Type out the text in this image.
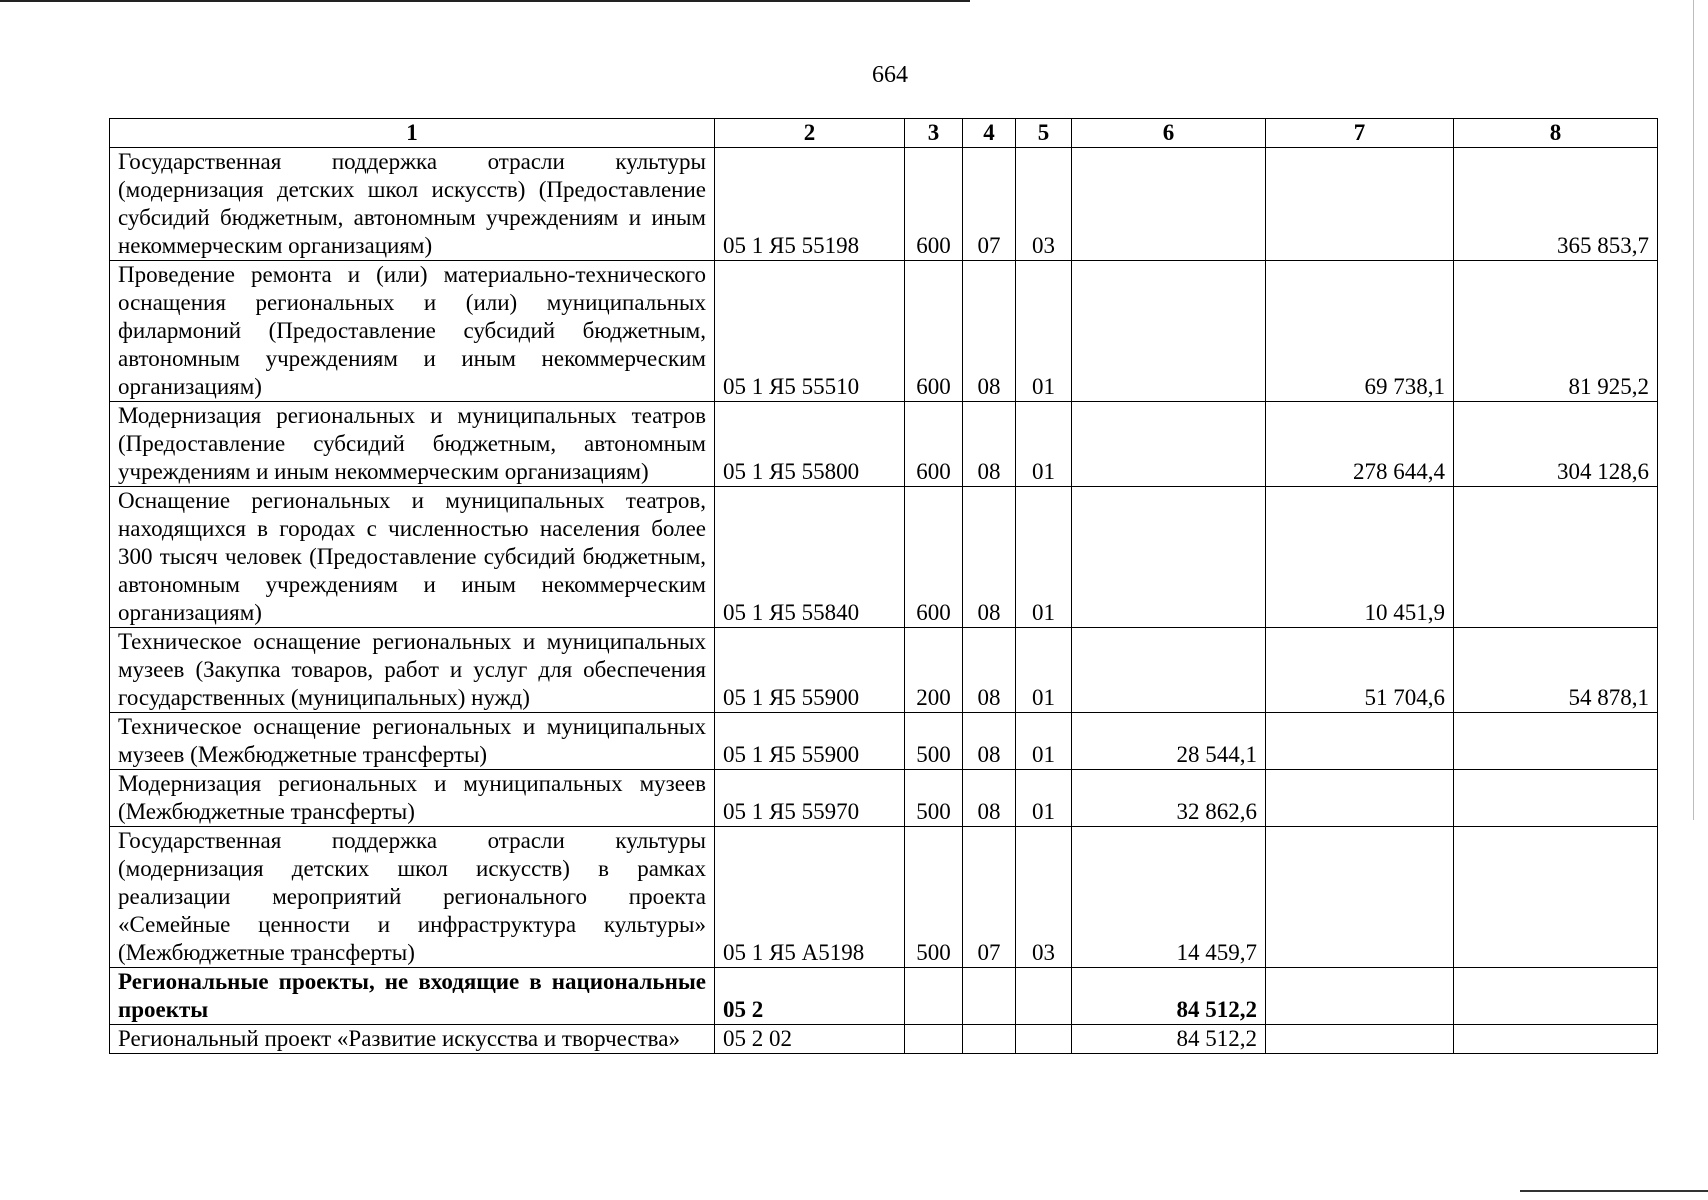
664
1	2	3	4	5	6	7	8
Государственная поддержка отрасли культуры (модернизация детских школ искусств) (Предоставление субсидий бюджетным, автономным учреждениям и иным некоммерческим организациям)	05 1 Я5 55198	600	07	03			365 853,7
Проведение ремонта и (или) материально-технического оснащения региональных и (или) муниципальных филармоний (Предоставление субсидий бюджетным, автономным учреждениям и иным некоммерческим организациям)	05 1 Я5 55510	600	08	01		69 738,1	81 925,2
Модернизация региональных и муниципальных театров (Предоставление субсидий бюджетным, автономным учреждениям и иным некоммерческим организациям)	05 1 Я5 55800	600	08	01		278 644,4	304 128,6
Оснащение региональных и муниципальных театров, находящихся в городах с численностью населения более 300 тысяч человек (Предоставление субсидий бюджетным, автономным учреждениям и иным некоммерческим организациям)	05 1 Я5 55840	600	08	01		10 451,9	
Техническое оснащение региональных и муниципальных музеев (Закупка товаров, работ и услуг для обеспечения государственных (муниципальных) нужд)	05 1 Я5 55900	200	08	01		51 704,6	54 878,1
Техническое оснащение региональных и муниципальных музеев (Межбюджетные трансферты)	05 1 Я5 55900	500	08	01	28 544,1		
Модернизация региональных и муниципальных музеев (Межбюджетные трансферты)	05 1 Я5 55970	500	08	01	32 862,6		
Государственная поддержка отрасли культуры (модернизация детских школ искусств) в рамках реализации мероприятий регионального проекта «Семейные ценности и инфраструктура культуры» (Межбюджетные трансферты)	05 1 Я5 А5198	500	07	03	14 459,7		
Региональные проекты, не входящие в национальные проекты	05 2				84 512,2		
Региональный проект «Развитие искусства и творчества»	05 2 02				84 512,2		
